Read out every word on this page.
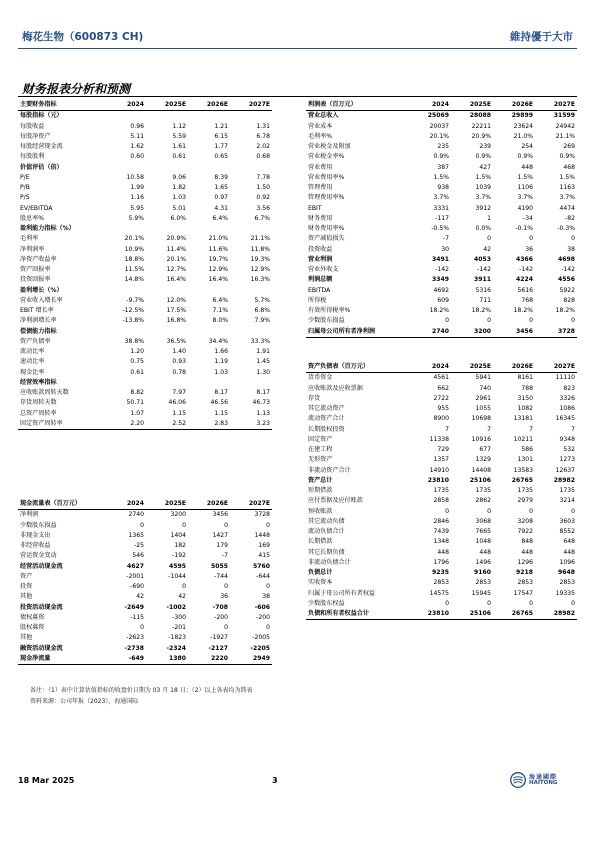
梅花生物（600873 CH)	維持優于大市
财务报表分析和预测
主要财务指标	2024	2025E	2026E	2027E
每股指标（元）				
每股收益	0.96	1.12	1.21	1.31
每股净资产	5.11	5.59	6.15	6.78
每股经营现金流	1.62	1.61	1.77	2.02
每股股利	0.60	0.61	0.65	0.68
价值评估（倍）				
P/E	10.58	9.06	8.39	7.78
P/B	1.99	1.82	1.65	1.50
P/S	1.16	1.03	0.97	0.92
EV/EBITDA	5.95	5.01	4.31	3.56
股息率%	5.9%	6.0%	6.4%	6.7%
盈利能力指标（%）				
毛利率	20.1%	20.9%	21.0%	21.1%
净利润率	10.9%	11.4%	11.6%	11.8%
净资产收益率	18.8%	20.1%	19.7%	19.3%
资产回报率	11.5%	12.7%	12.9%	12.9%
投资回报率	14.8%	16.4%	16.4%	16.3%
盈利增长（%）				
营业收入增长率	-9.7%	12.0%	6.4%	5.7%
EBIT 增长率	-12.5%	17.5%	7.1%	6.8%
净利润增长率	-13.8%	16.8%	8.0%	7.9%
偿债能力指标				
资产负债率	38.8%	36.5%	34.4%	33.3%
流动比率	1.20	1.40	1.66	1.91
速动比率	0.75	0.93	1.19	1.45
现金比率	0.61	0.78	1.03	1.30
经营效率指标				
应收账款周转天数	8.82	7.97	8.17	8.17
存货周转天数	50.71	46.06	46.56	46.73
总资产周转率	1.07	1.15	1.15	1.13
固定资产周转率	2.20	2.52	2.83	3.23
利润表（百万元）	2024	2025E	2026E	2027E
营业总收入	25069	28088	29899	31599
营业成本	20037	22211	23624	24942
毛利率%	20.1%	20.9%	21.0%	21.1%
营业税金及附加	235	239	254	269
营业税金率%	0.9%	0.9%	0.9%	0.9%
营业费用	387	427	448	468
营业费用率%	1.5%	1.5%	1.5%	1.5%
管理费用	938	1039	1106	1163
管理费用率%	3.7%	3.7%	3.7%	3.7%
EBIT	3331	3912	4190	4474
财务费用	-117	1	-34	-82
财务费用率%	-0.5%	0.0%	-0.1%	-0.3%
资产减值损失	-7	0	0	0
投资收益	30	42	36	38
营业利润	3491	4053	4366	4698
营业外收支	-142	-142	-142	-142
利润总额	3349	3911	4224	4556
EBITDA	4692	5316	5616	5922
所得税	609	711	768	828
有效所得税率%	18.2%	18.2%	18.2%	18.2%
少数股东损益	0	0	0	0
归属母公司所有者净利润	2740	3200	3456	3728
资产负债表（百万元）	2024	2025E	2026E	2027E
货币资金	4561	5941	8161	11110
应收账款及应收票据	662	740	788	823
存货	2722	2961	3150	3326
其它流动资产	955	1055	1082	1086
流动资产合计	8900	10698	13181	16345
长期股权投资	7	7	7	7
固定资产	11338	10916	10211	9348
在建工程	729	677	586	532
无形资产	1357	1329	1301	1273
非流动资产合计	14910	14408	13583	12637
资产总计	23810	25106	26765	28982
短期借款	1735	1735	1735	1735
应付票据及应付账款	2858	2862	2979	3214
预收账款	0	0	0	0
其它流动负债	2846	3068	3208	3603
流动负债合计	7439	7665	7922	8552
长期借款	1348	1048	848	648
其它长期负债	448	448	448	448
非流动负债合计	1796	1496	1296	1096
负债总计	9235	9160	9218	9648
实收资本	2853	2853	2853	2853
归属于母公司所有者权益	14575	15945	17547	19335
少数股东权益	0	0	0	0
负债和所有者权益合计	23810	25106	26765	28982
现金流量表（百万元）	2024	2025E	2026E	2027E
净利润	2740	3200	3456	3728
少数股东损益	0	0	0	0
非现金支出	1365	1404	1427	1448
非经营收益	-25	182	179	169
营运资金变动	546	-192	-7	415
经营活动现金流	4627	4595	5055	5760
资产	-2001	-1044	-744	-644
投资	-690	0	0	0
其他	42	42	36	38
投资活动现金流	-2649	-1002	-708	-606
债权募资	-115	-300	-200	-200
股权募资	0	-201	0	0
其他	-2623	-1823	-1927	-2005
融资活动现金流	-2738	-2324	-2127	-2205
现金净流量	-649	1380	2220	2949
备注：（1）表中计算估值指标的收盘价日期为 03 月 18 日；（2）以上各表均为简表
资料来源：公司年报（2023），海通国际
18 Mar 2025	3	海通國際
HAITONG
